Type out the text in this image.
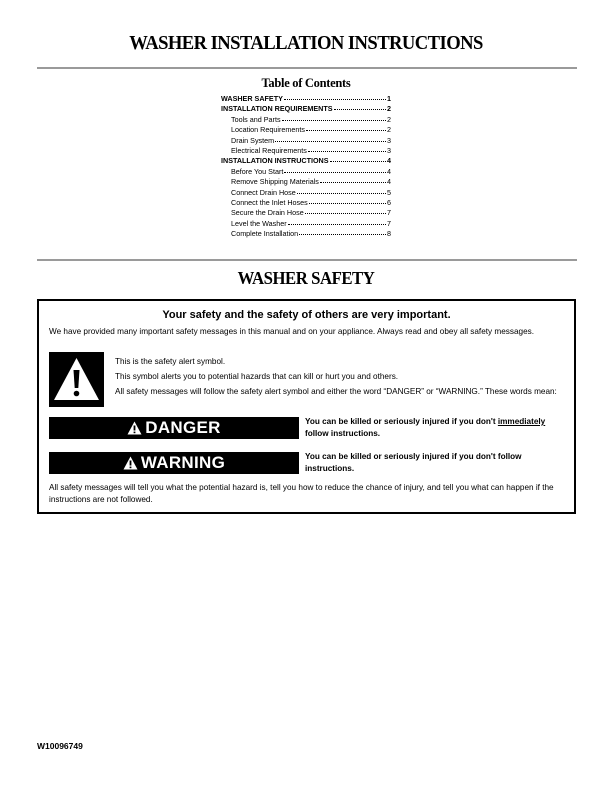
WASHER INSTALLATION INSTRUCTIONS
Table of Contents
WASHER SAFETY	1
INSTALLATION REQUIREMENTS	2
Tools and Parts	2
Location Requirements	2
Drain System	3
Electrical Requirements	3
INSTALLATION INSTRUCTIONS	4
Before You Start	4
Remove Shipping Materials	4
Connect Drain Hose	5
Connect the Inlet Hoses	6
Secure the Drain Hose	7
Level the Washer	7
Complete Installation	8
WASHER SAFETY
Your safety and the safety of others are very important.
We have provided many important safety messages in this manual and on your appliance. Always read and obey all safety messages.

This is the safety alert symbol.

This symbol alerts you to potential hazards that can kill or hurt you and others.

All safety messages will follow the safety alert symbol and either the word “DANGER” or “WARNING.” These words mean:

DANGER	You can be killed or seriously injured if you don't immediately follow instructions.
WARNING	You can be killed or seriously injured if you don't follow instructions.
All safety messages will tell you what the potential hazard is, tell you how to reduce the chance of injury, and tell you what can happen if the instructions are not followed.
W10096749
